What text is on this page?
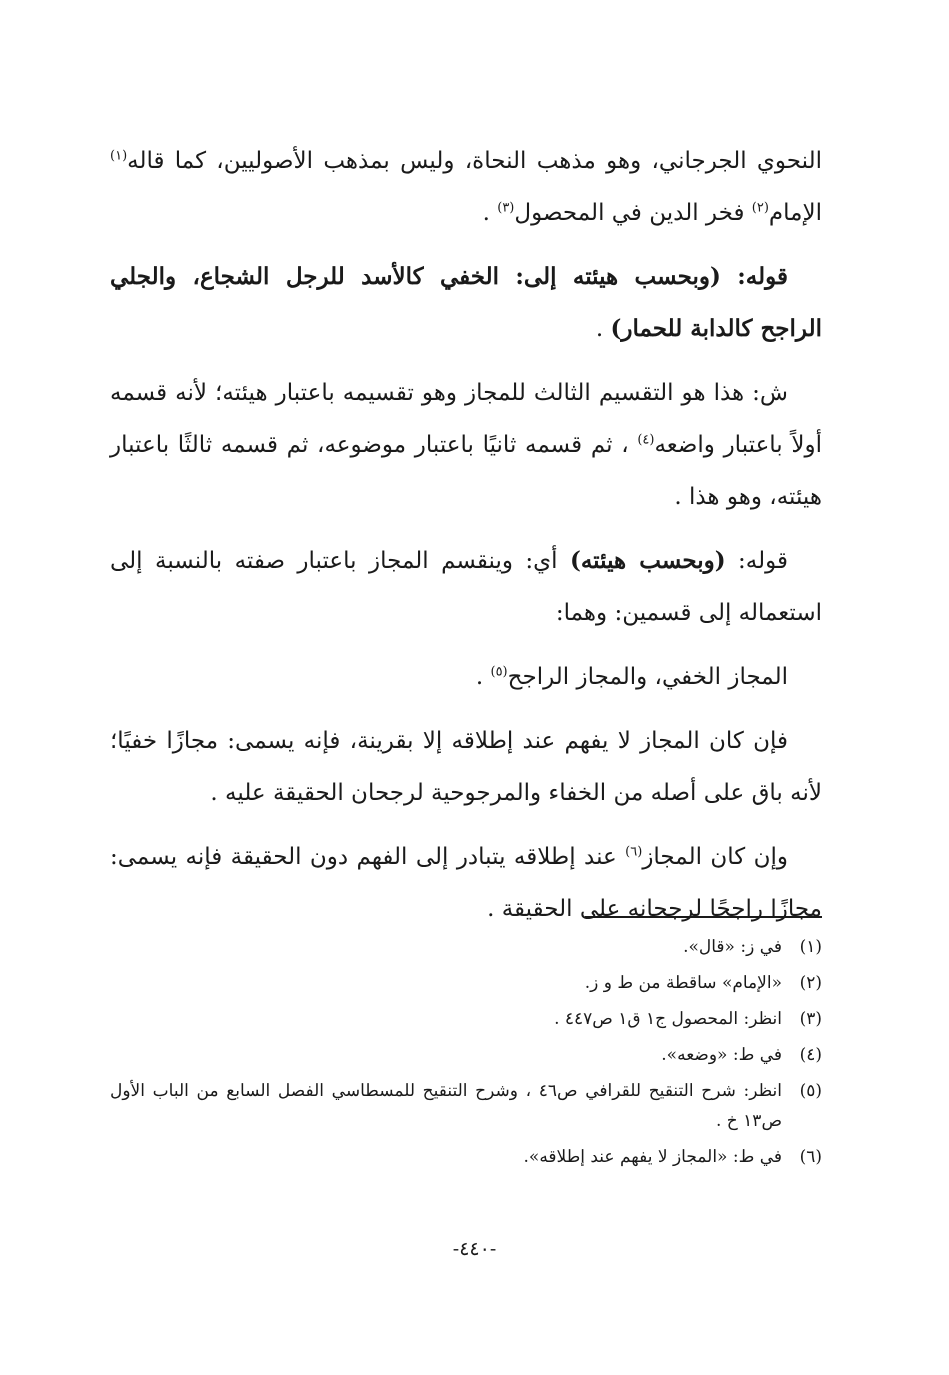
النحوي الجرجاني، وهو مذهب النحاة، وليس بمذهب الأصوليين، كما قاله$^{(١)}$ الإمام$^{(٢)}$ فخر الدين في المحصول$^{(٣)}$ .

قوله: (وبحسب هيئته إلى: الخفي كالأسد للرجل الشجاع، والجلي الراجح كالدابة للحمار) .

ش: هذا هو التقسيم الثالث للمجاز وهو تقسيمه باعتبار هيئته؛ لأنه قسمه أولاً باعتبار واضعه$^{(٤)}$ ، ثم قسمه ثانيًا باعتبار موضوعه، ثم قسمه ثالثًا باعتبار هيئته، وهو هذا .

قوله: (وبحسب هيئته) أي: وينقسم المجاز باعتبار صفته بالنسبة إلى استعماله إلى قسمين: وهما:

المجاز الخفي، والمجاز الراجح$^{(٥)}$ .

فإن كان المجاز لا يفهم عند إطلاقه إلا بقرينة، فإنه يسمى: مجازًا خفيًا؛ لأنه باق على أصله من الخفاء والمرجوحية لرجحان الحقيقة عليه .

وإن كان المجاز$^{(٦)}$ عند إطلاقه يتبادر إلى الفهم دون الحقيقة فإنه يسمى: مجازًا راجحًا لرجحانه على الحقيقة .

(١)
في ز: «قال».
(٢)
«الإمام» ساقطة من ط و ز.
(٣)
انظر: المحصول ج١ ق١ ص٤٤٧ .
(٤)
في ط: «وضعه».
(٥)
انظر: شرح التنقيح للقرافي ص٤٦ ، وشرح التنقيح للمسطاسي الفصل السابع من الباب الأول ص١٣ خ .
(٦)
في ط: «المجاز لا يفهم عند إطلاقه».
-٤٤٠-
